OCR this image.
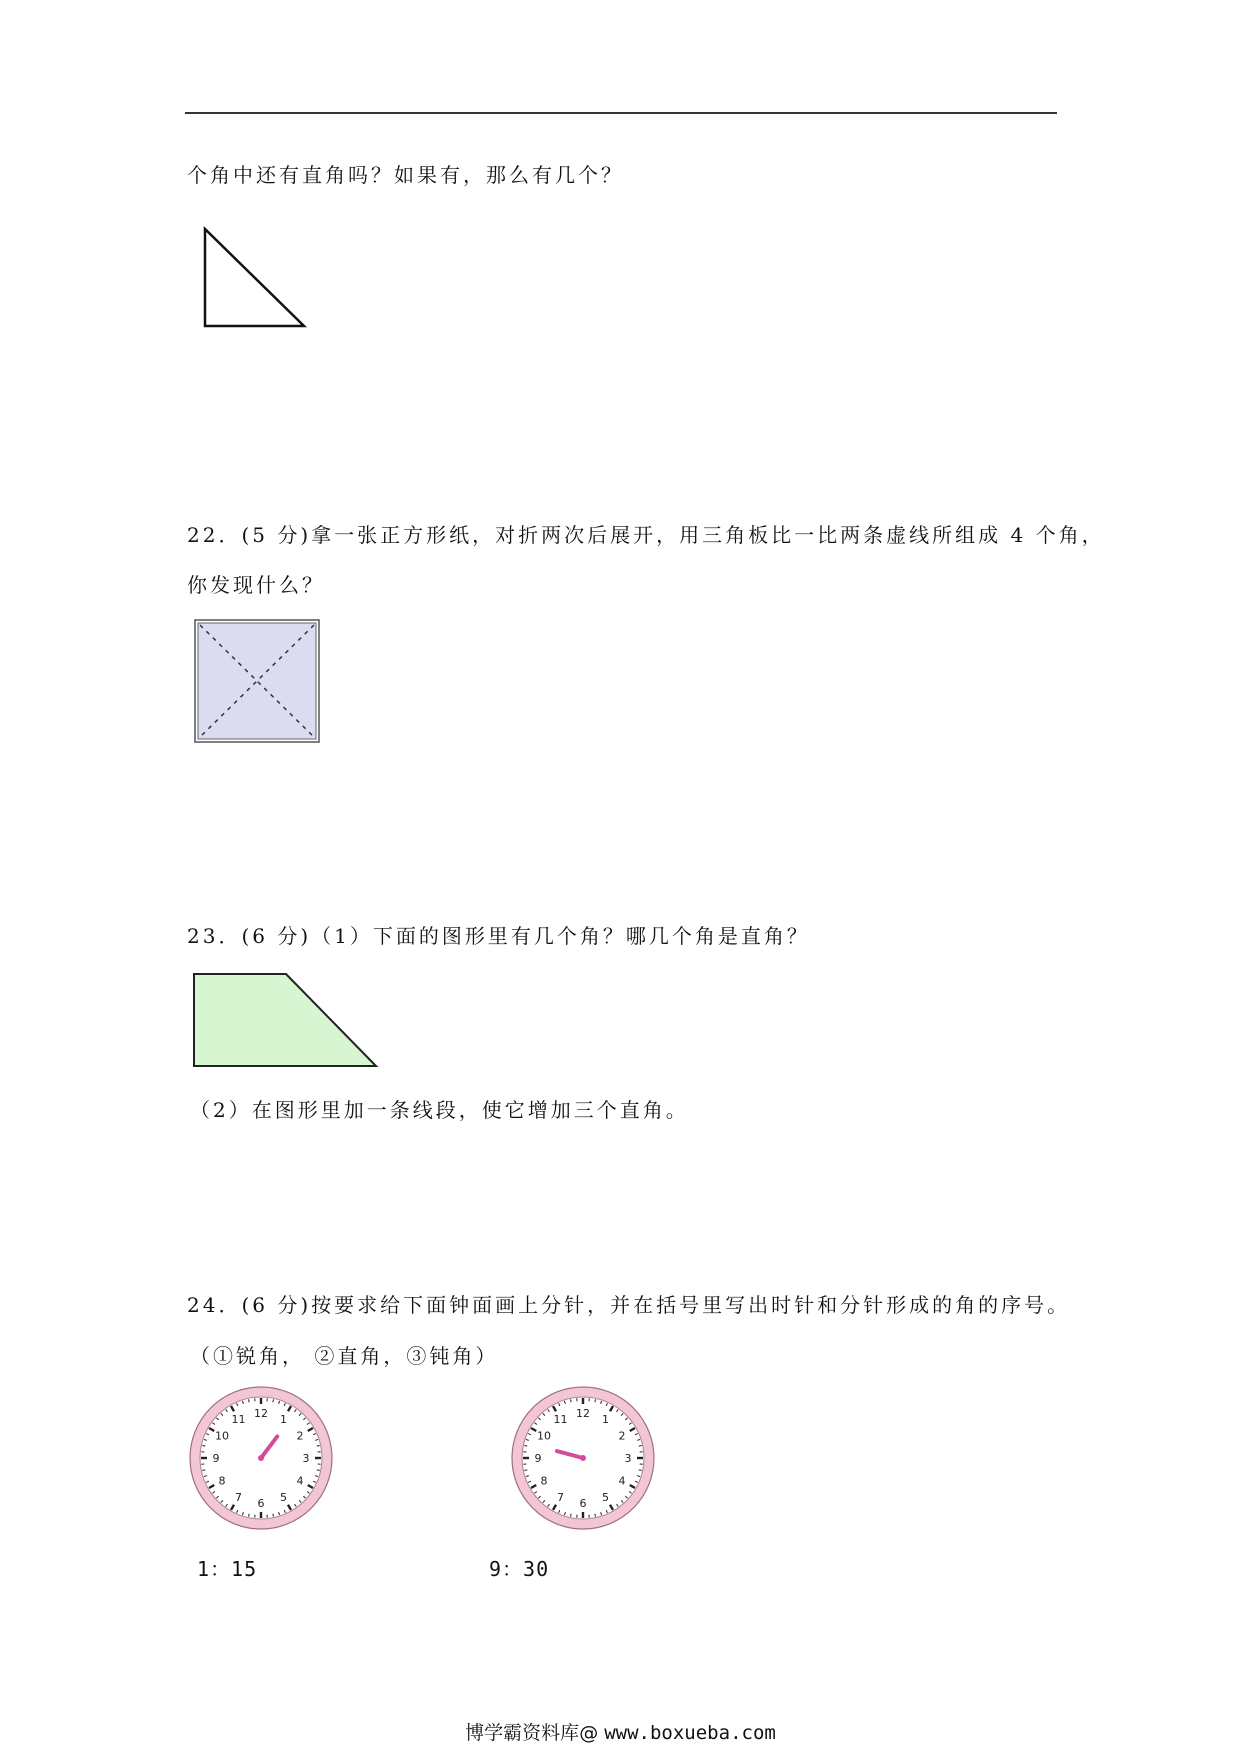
个角中还有直角吗？如果有，那么有几个？
22．(5 分)拿一张正方形纸，对折两次后展开，用三角板比一比两条虚线所组成 4 个角，
你发现什么？
23．(6 分)（1）下面的图形里有几个角？哪几个角是直角？
（2）在图形里加一条线段，使它增加三个直角。
24．(6 分)按要求给下面钟面画上分针，并在括号里写出时针和分针形成的角的序号。
（①锐角， ②直角，③钝角）
1
2
3
4
5
6
7
8
9
10
11 12	1
2
3
4
5
6
7
8
9
10
11 12
1：15	9：30
博学霸资料库@ www.boxueba.com
